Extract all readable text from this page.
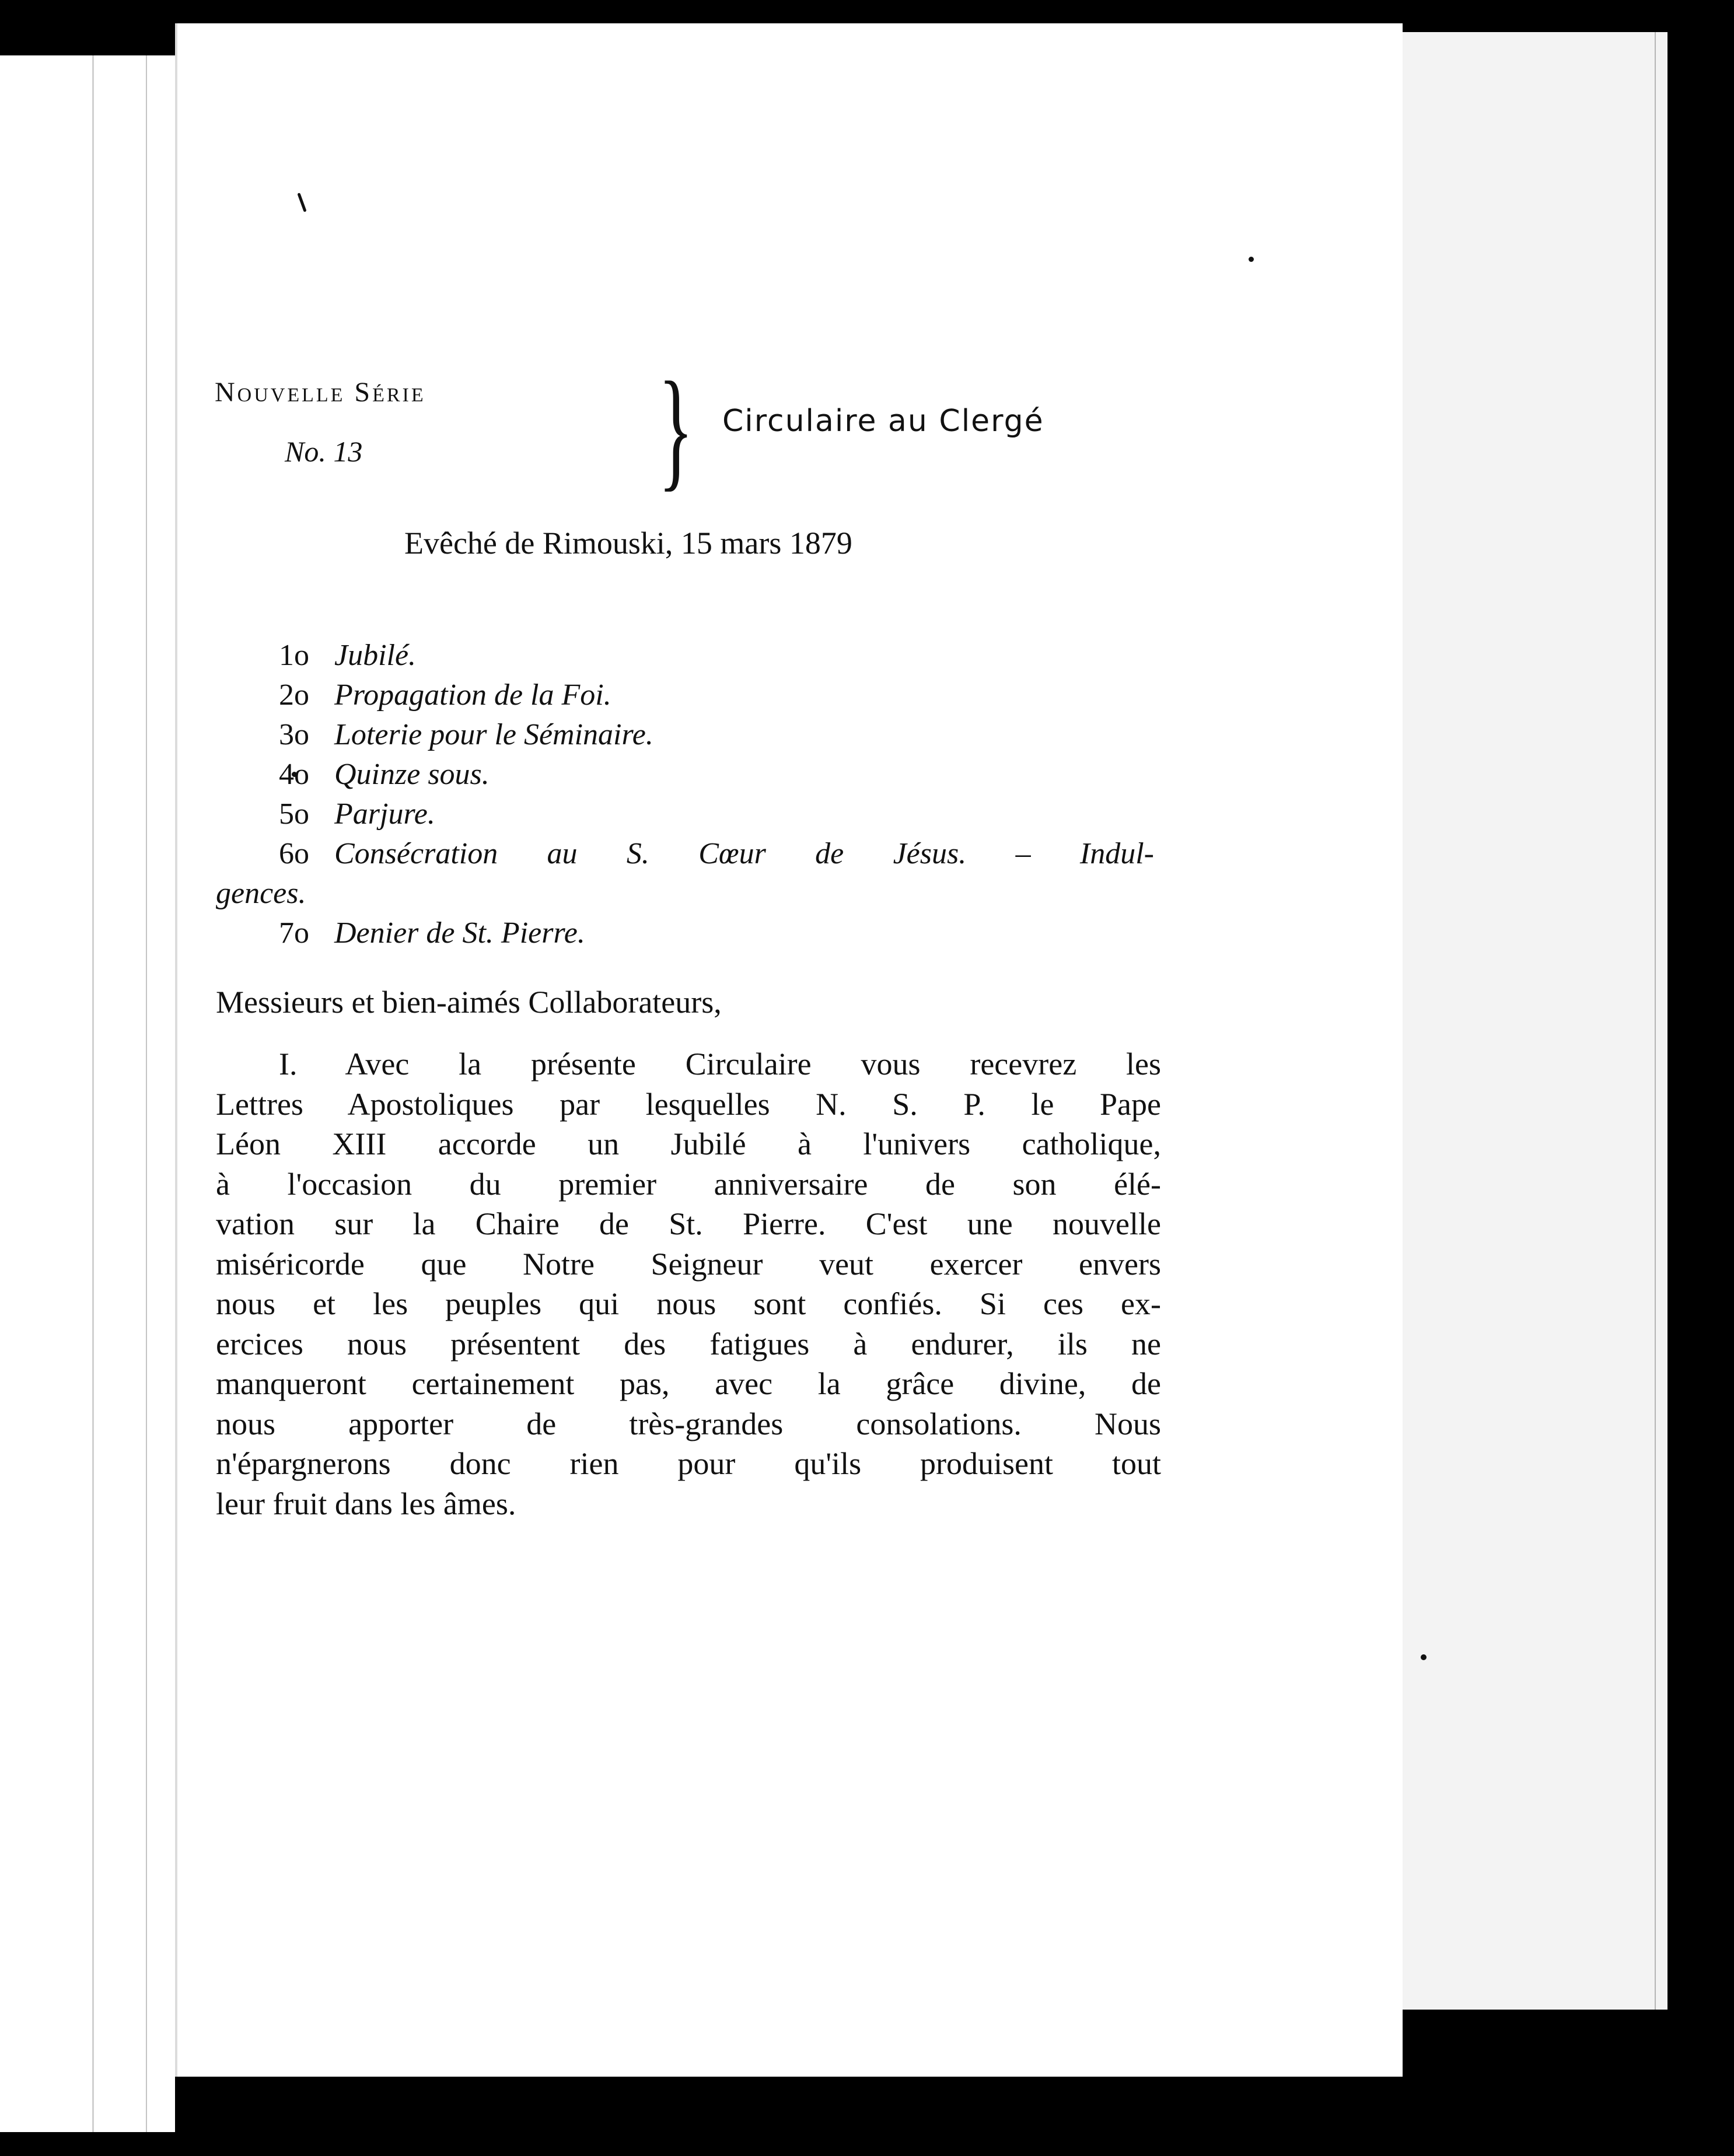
Nouvelle Série
No. 13 } Circulaire au Clergé
Evêché de Rimouski, 15 mars 1879
1o Jubilé.
2o Propagation de la Foi.
3o Loterie pour le Séminaire.
4o Quinze sous.
5o Parjure.
6o Consécration au S. Cœur de Jésus. – Indul-
gences.
7o Denier de St. Pierre.
Messieurs et bien-aimés Collaborateurs,
I. Avec la présente Circulaire vous recevrez les
Lettres Apostoliques par lesquelles N. S. P. le Pape
Léon XIII accorde un Jubilé à l'univers catholique,
à l'occasion du premier anniversaire de son élé-
vation sur la Chaire de St. Pierre. C'est une nouvelle
miséricorde que Notre Seigneur veut exercer envers
nous et les peuples qui nous sont confiés. Si ces ex-
ercices nous présentent des fatigues à endurer, ils ne
manqueront certainement pas, avec la grâce divine, de
nous apporter de très-grandes consolations. Nous
n'épargnerons donc rien pour qu'ils produisent tout
leur fruit dans les âmes.
